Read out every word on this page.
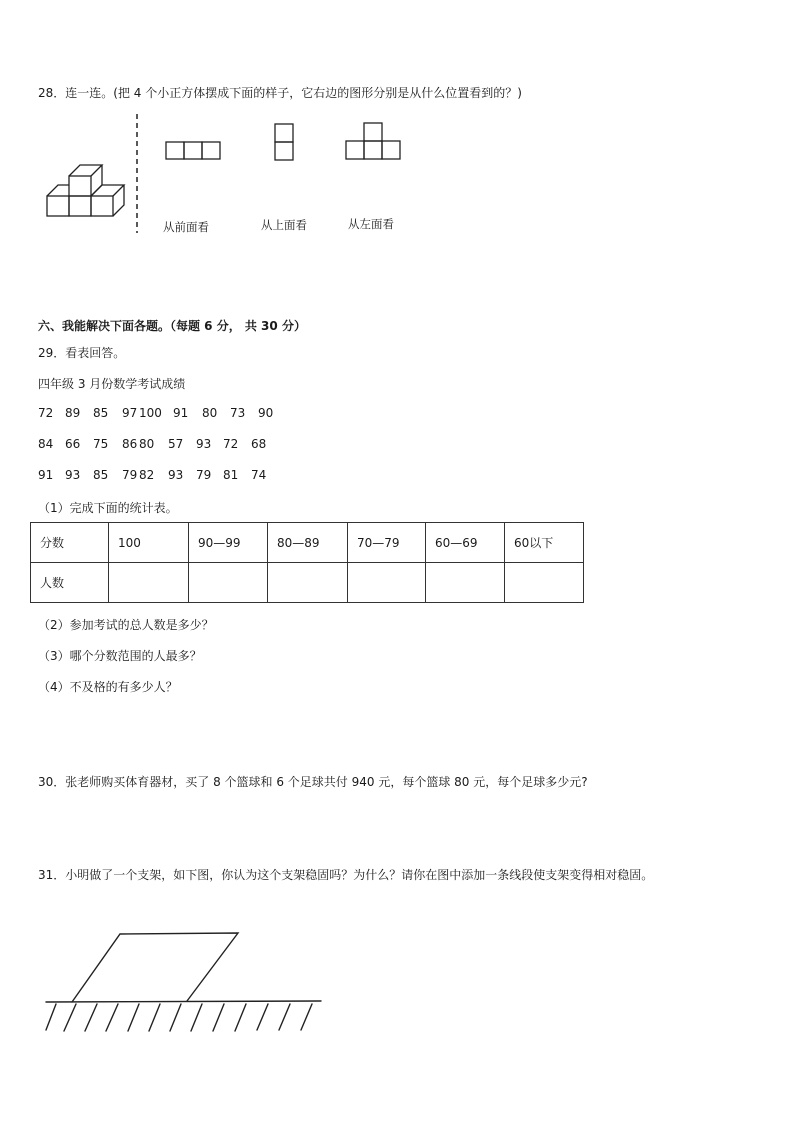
28．连一连。(把 4 个小正方体摆成下面的样子，它右边的图形分别是从什么位置看到的？)
从前面看	从上面看	从左面看
六、我能解决下面各题。（每题 6 分， 共 30 分）
29．看表回答。
四年级 3 月份数学考试成绩
72 89 85 97 100 91 80 73 90
84 66 75 86 80 57 93 72 68
91 93 85 79 82 93 79 81 74
（1）完成下面的统计表。
分数	100	90—99	80—89	70—79	60—69	60以下
人数						
（2）参加考试的总人数是多少？
（3）哪个分数范围的人最多？
（4）不及格的有多少人？
30．张老师购买体育器材，买了 8 个篮球和 6 个足球共付 940 元，每个篮球 80 元，每个足球多少元?
31．小明做了一个支架，如下图，你认为这个支架稳固吗？为什么？请你在图中添加一条线段使支架变得相对稳固。
